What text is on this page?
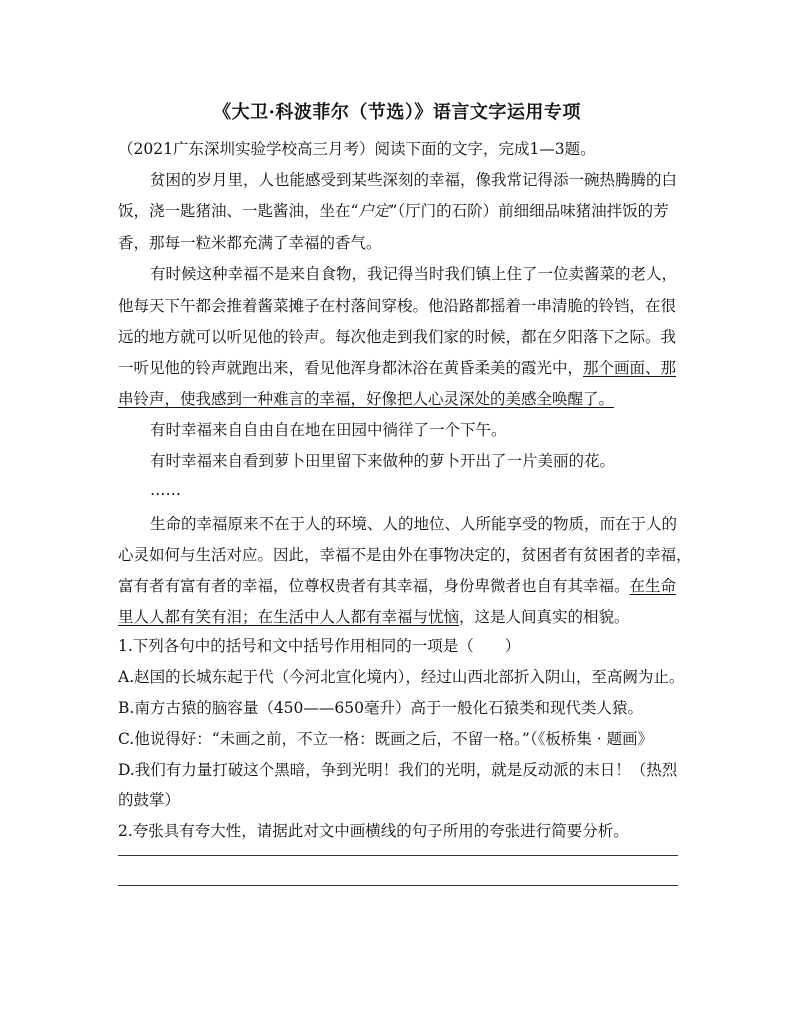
《大卫·科波菲尔（节选）》语言文字运用专项
（2021广东深圳实验学校高三月考）阅读下面的文字，完成1—3题。
贫困的岁月里，人也能感受到某些深刻的幸福，像我常记得添一碗热腾腾的白
饭，浇一匙猪油、一匙酱油，坐在“户定”（厅门的石阶）前细细品味猪油拌饭的芳
香，那每一粒米都充满了幸福的香气。
有时候这种幸福不是来自食物，我记得当时我们镇上住了一位卖酱菜的老人，
他每天下午都会推着酱菜摊子在村落间穿梭。他沿路都摇着一串清脆的铃铛，在很
远的地方就可以听见他的铃声。每次他走到我们家的时候，都在夕阳落下之际。我
一听见他的铃声就跑出来，看见他浑身都沐浴在黄昏柔美的霞光中，那个画面、那
串铃声，使我感到一种难言的幸福，好像把人心灵深处的美感全唤醒了。
有时幸福来自自由自在地在田园中徜徉了一个下午。
有时幸福来自看到萝卜田里留下来做种的萝卜开出了一片美丽的花。
……
生命的幸福原来不在于人的环境、人的地位、人所能享受的物质，而在于人的
心灵如何与生活对应。因此，幸福不是由外在事物决定的，贫困者有贫困者的幸福，
富有者有富有者的幸福，位尊权贵者有其幸福，身份卑微者也自有其幸福。在生命
里人人都有笑有泪；在生活中人人都有幸福与忧恼，这是人间真实的相貌。
1.下列各句中的括号和文中括号作用相同的一项是（　　）
A.赵国的长城东起于代（今河北宣化境内），经过山西北部折入阴山，至高阙为止。
B.南方古猿的脑容量（450——650毫升）高于一般化石猿类和现代类人猿。
C.他说得好：“未画之前，不立一格：既画之后，不留一格。”（《板桥集 · 题画》
D.我们有力量打破这个黑暗，争到光明！我们的光明，就是反动派的末日！（热烈
的鼓掌）
2.夸张具有夸大性，请据此对文中画横线的句子所用的夸张进行简要分析。
